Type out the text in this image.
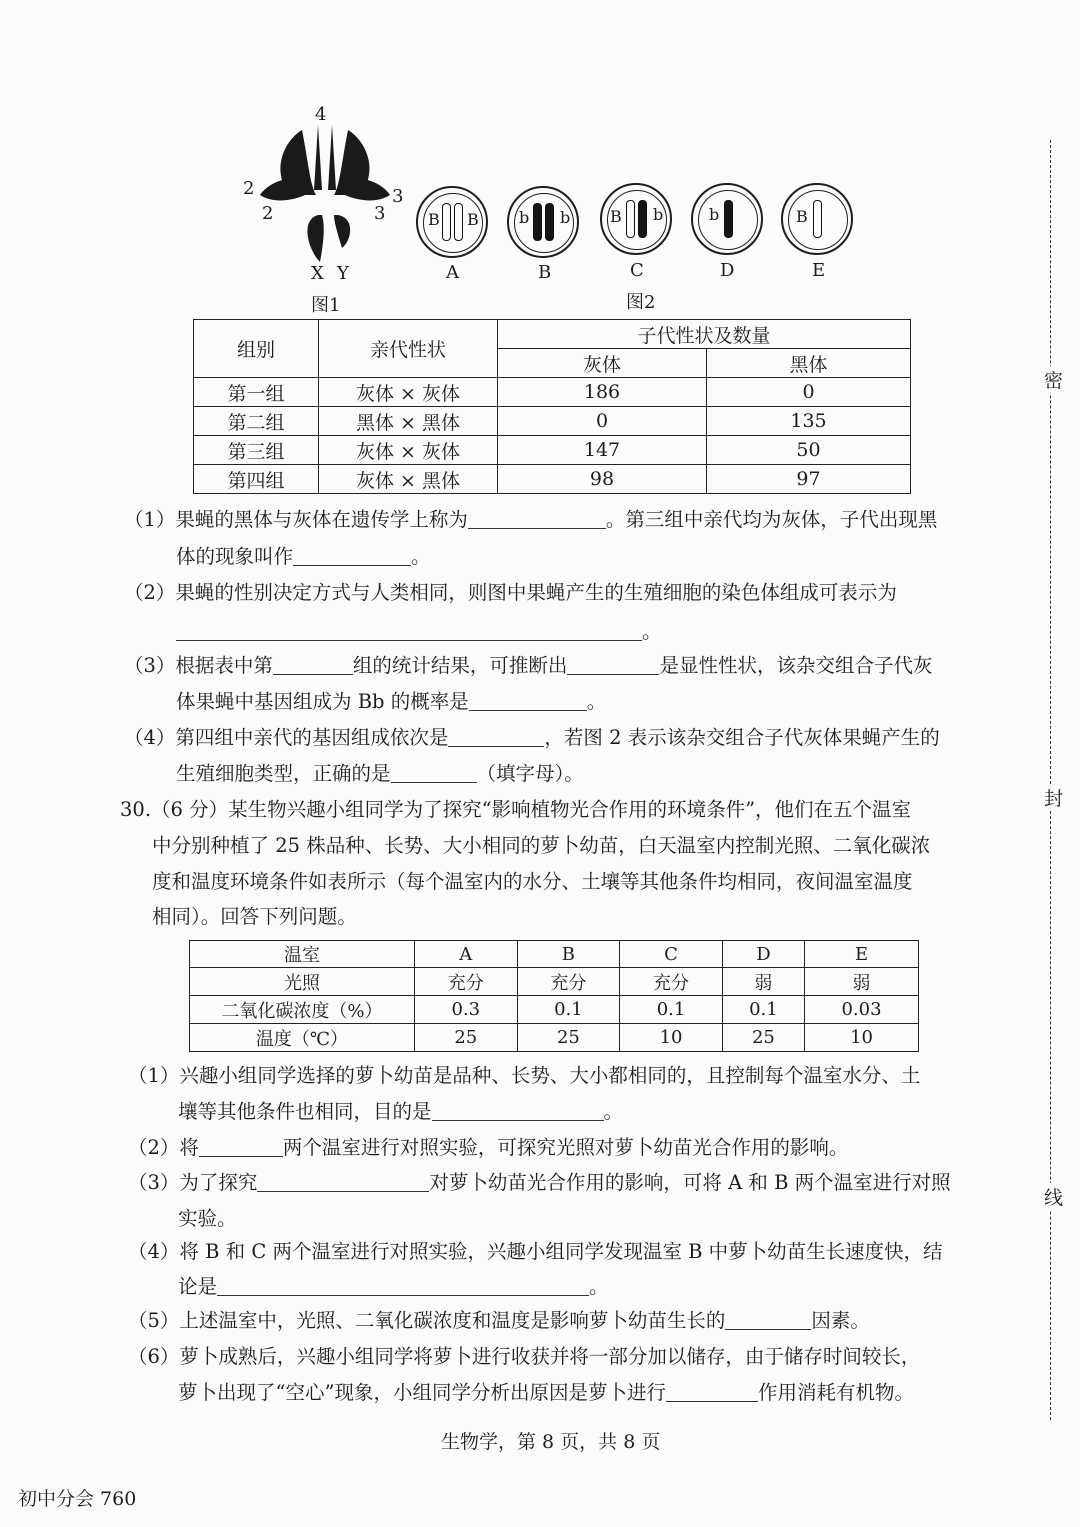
4
2
2
3
3
X Y
图1
B B	b b B b	b	B
A	B	C	D	E
图2
组别	亲代性状	子代性状及数量	
		灰体	黑体
第一组	灰体 × 灰体	186	0
第二组	黑体 × 黑体	0	135
第三组	灰体 × 灰体	147	50
第四组	灰体 × 黑体	98	97
（1）果蝇的黑体与灰体在遗传学上称为	。第三组中亲代均为灰体，子代出现黑
体的现象叫作	。
（2）果蝇的性别决定方式与人类相同，则图中果蝇产生的生殖细胞的染色体组成可表示为
。
（3）根据表中第	组的统计结果，可推断出	是显性性状，该杂交组合子代灰
体果蝇中基因组成为 Bb 的概率是	。
（4）第四组中亲代的基因组成依次是	，若图 2 表示该杂交组合子代灰体果蝇产生的
生殖细胞类型，正确的是	（填字母）。
30.（6 分）某生物兴趣小组同学为了探究“影响植物光合作用的环境条件”，他们在五个温室
中分别种植了 25 株品种、长势、大小相同的萝卜幼苗，白天温室内控制光照、二氧化碳浓
度和温度环境条件如表所示（每个温室内的水分、土壤等其他条件均相同，夜间温室温度
相同）。回答下列问题。
温室	A	B	C	D	E
光照	充分	充分	充分	弱	弱
二氧化碳浓度（%）	0.3	0.1	0.1	0.1	0.03
温度（℃）	25	25	10	25	10
（1）兴趣小组同学选择的萝卜幼苗是品种、长势、大小都相同的，且控制每个温室水分、土
壤等其他条件也相同，目的是	。
（2）将	两个温室进行对照实验，可探究光照对萝卜幼苗光合作用的影响。
（3）为了探究	对萝卜幼苗光合作用的影响，可将 A 和 B 两个温室进行对照
实验。
（4）将 B 和 C 两个温室进行对照实验，兴趣小组同学发现温室 B 中萝卜幼苗生长速度快，结
论是	。
（5）上述温室中，光照、二氧化碳浓度和温度是影响萝卜幼苗生长的	因素。
（6）萝卜成熟后，兴趣小组同学将萝卜进行收获并将一部分加以储存，由于储存时间较长，
萝卜出现了“空心”现象，小组同学分析出原因是萝卜进行	作用消耗有机物。
生物学，第 8 页，共 8 页
初中分会 760
密
封
线
